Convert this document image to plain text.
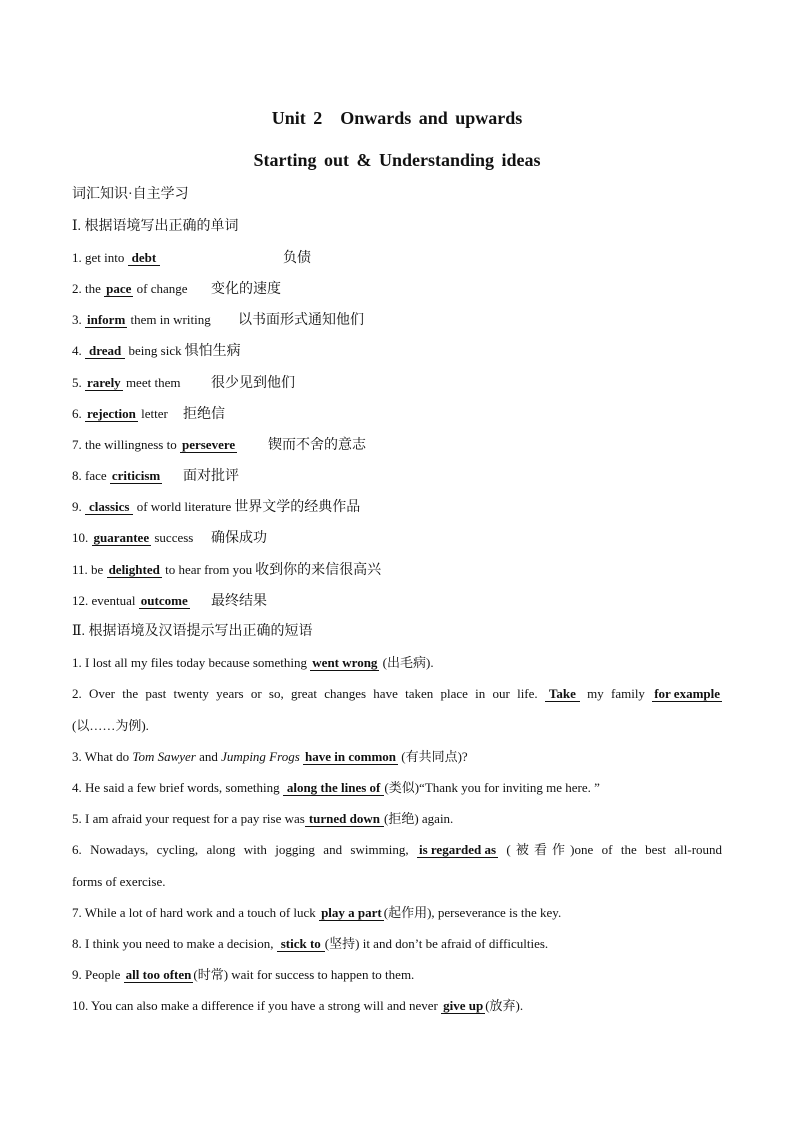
Unit 2　Onwards and upwards
Starting out & Understanding ideas
词汇知识·自主学习
Ⅰ. 根据语境写出正确的单词
1. get into debt	负债
2. the pace of change 变化的速度
3. inform them in writing 以书面形式通知他们
4. dread being sick 惧怕生病
5. rarely meet them 很少见到他们
6. rejection letter 拒绝信
7. the willingness to persevere 锲而不舍的意志
8. face criticism 面对批评
9. classics of world literature 世界文学的经典作品
10. guarantee success 确保成功
11. be delighted to hear from you 收到你的来信很高兴
12. eventual outcome 最终结果
Ⅱ. 根据语境及汉语提示写出正确的短语
1. I lost all my files today because something went wrong (出毛病).
2. Over the past twenty years or so, great changes have taken place in our life. Take my family for example
(以……为例).
3. What do Tom Sawyer and Jumping Frogs have in common (有共同点)?
4. He said a few brief words, something along the lines of (类似)“Thank you for inviting me here. ”
5. I am afraid your request for a pay rise was turned down (拒绝) again.
6. Nowadays, cycling, along with jogging and swimming, is regarded as (被看作)one of the best all-round
forms of exercise.
7. While a lot of hard work and a touch of luck play a part (起作用), perseverance is the key.
8. I think you need to make a decision, stick to (坚持) it and don’t be afraid of difficulties.
9. People all too often (时常) wait for success to happen to them.
10. You can also make a difference if you have a strong will and never give up (放弃).
